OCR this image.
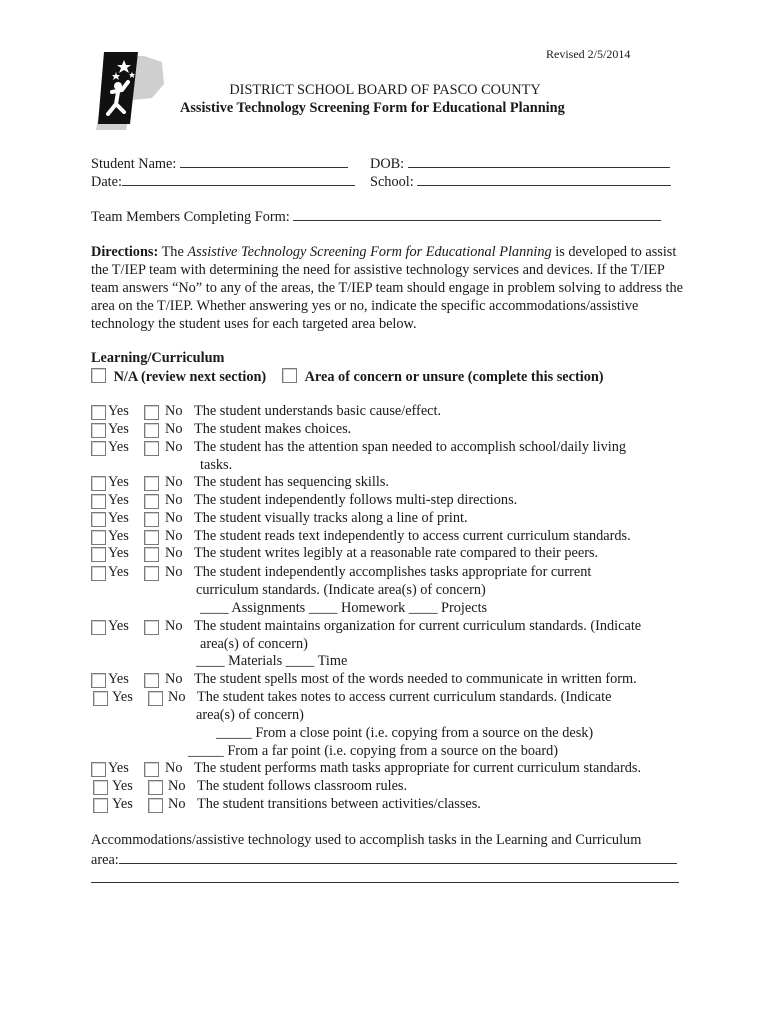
Revised 2/5/2014
DISTRICT SCHOOL BOARD OF PASCO COUNTY
Assistive Technology Screening Form for Educational Planning
Student Name:	DOB:
Date:	School:
Team Members Completing Form:
Directions: The Assistive Technology Screening Form for Educational Planning is developed to assist the T/IEP team with determining the need for assistive technology services and devices. If the T/IEP team answers “No” to any of the areas, the T/IEP team should engage in problem solving to address the area on the T/IEP. Whether answering yes or no, indicate the specific accommodations/assistive technology the student uses for each targeted area below.
Learning/Curriculum
N/A (review next section)	Area of concern or unsure (complete this section)
Yes	No The student understands basic cause/effect.
Yes	No The student makes choices.
Yes	No The student has the attention span needed to accomplish school/daily living
tasks.
Yes	No The student has sequencing skills.
Yes	No The student independently follows multi-step directions.
Yes	No The student visually tracks along a line of print.
Yes	No The student reads text independently to access current curriculum standards.
Yes	No The student writes legibly at a reasonable rate compared to their peers.
Yes	No The student independently accomplishes tasks appropriate for current
curriculum standards. (Indicate area(s) of concern)
____ Assignments ____ Homework ____ Projects
Yes	No The student maintains organization for current curriculum standards. (Indicate
area(s) of concern)
____ Materials ____ Time
Yes	No The student spells most of the words needed to communicate in written form.
Yes No The student takes notes to access current curriculum standards. (Indicate
area(s) of concern)
_____ From a close point (i.e. copying from a source on the desk)
_____ From a far point (i.e. copying from a source on the board)
Yes	No The student performs math tasks appropriate for current curriculum standards.
Yes No The student follows classroom rules.
Yes No The student transitions between activities/classes.
Accommodations/assistive technology used to accomplish tasks in the Learning and Curriculum
area:
